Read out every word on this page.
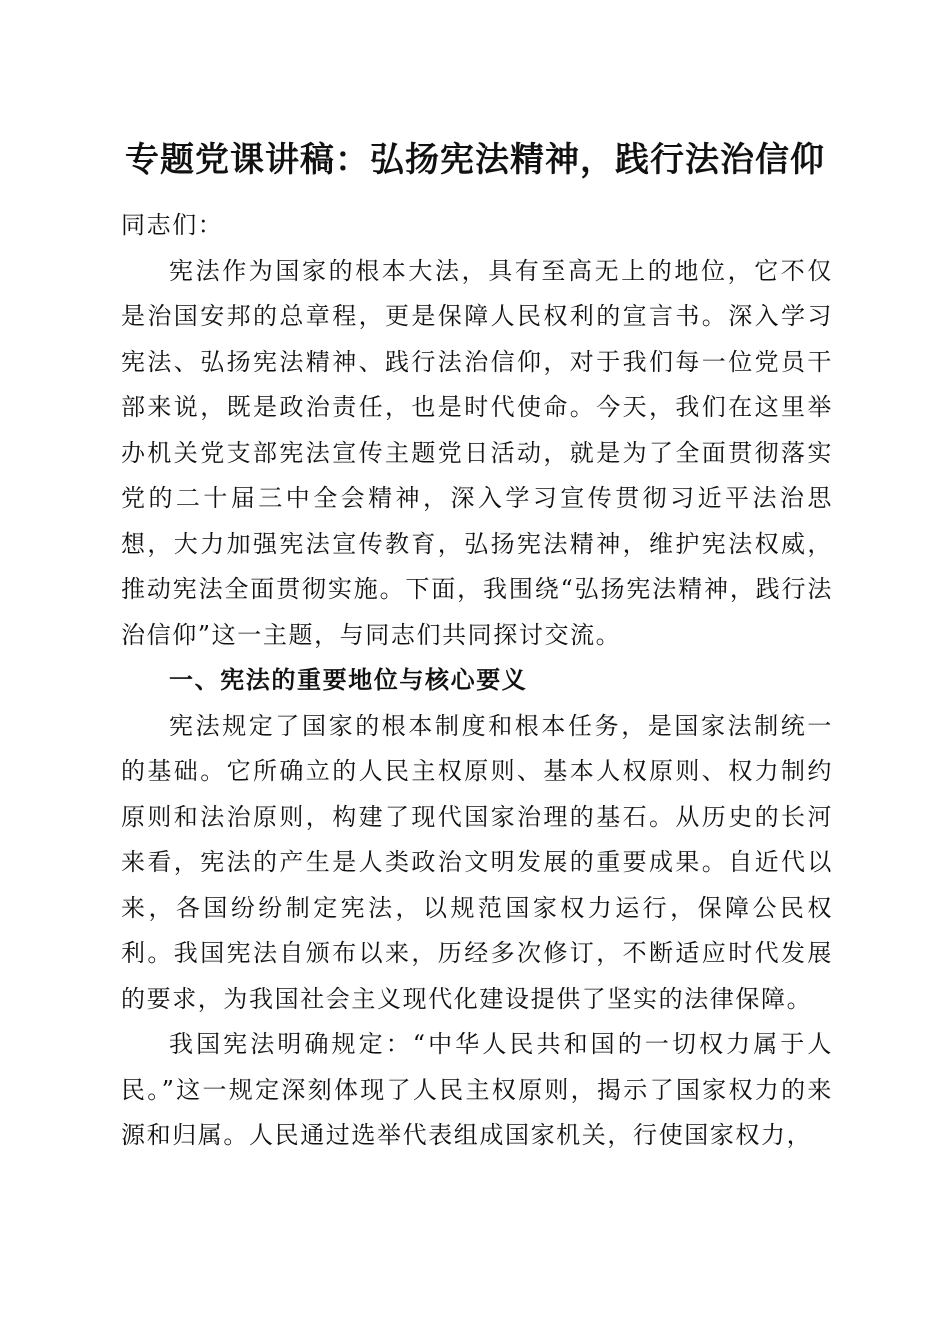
专题党课讲稿：弘扬宪法精神，践行法治信仰

同志们：

宪法作为国家的根本大法，具有至高无上的地位，它不仅是治国安邦的总章程，更是保障人民权利的宣言书。深入学习宪法、弘扬宪法精神、践行法治信仰，对于我们每一位党员干部来说，既是政治责任，也是时代使命。今天，我们在这里举办机关党支部宪法宣传主题党日活动，就是为了全面贯彻落实党的二十届三中全会精神，深入学习宣传贯彻习近平法治思想，大力加强宪法宣传教育，弘扬宪法精神，维护宪法权威，推动宪法全面贯彻实施。下面，我围绕“弘扬宪法精神，践行法治信仰”这一主题，与同志们共同探讨交流。

一、宪法的重要地位与核心要义

宪法规定了国家的根本制度和根本任务，是国家法制统一的基础。它所确立的人民主权原则、基本人权原则、权力制约原则和法治原则，构建了现代国家治理的基石。从历史的长河来看，宪法的产生是人类政治文明发展的重要成果。自近代以来，各国纷纷制定宪法，以规范国家权力运行，保障公民权利。我国宪法自颁布以来，历经多次修订，不断适应时代发展的要求，为我国社会主义现代化建设提供了坚实的法律保障。

我国宪法明确规定：“中华人民共和国的一切权力属于人民。”这一规定深刻体现了人民主权原则，揭示了国家权力的来源和归属。人民通过选举代表组成国家机关，行使国家权力，
